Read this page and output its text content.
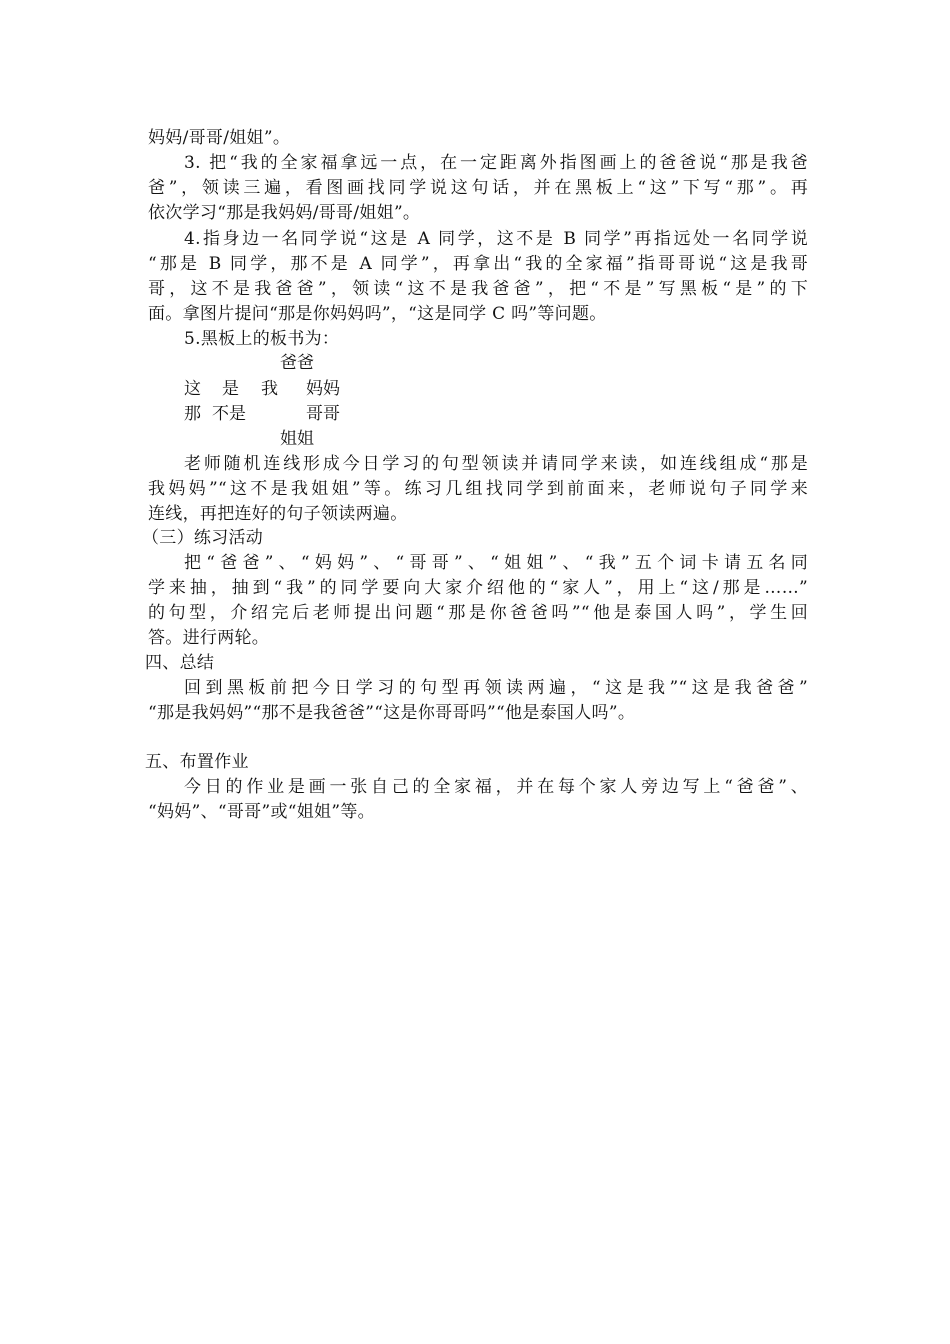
妈妈/哥哥/姐姐”。
3. 把“我的全家福拿远一点，在一定距离外指图画上的爸爸说“那是我爸
爸”，领读三遍，看图画找同学说这句话，并在黑板上“这”下写“那”。再
依次学习“那是我妈妈/哥哥/姐姐”。
4.指身边一名同学说“这是 A 同学，这不是 B 同学”再指远处一名同学说
“那是 B 同学，那不是 A 同学”，再拿出“我的全家福”指哥哥说“这是我哥
哥，这不是我爸爸”，领读“这不是我爸爸”，把“不是”写黑板“是”的下
面。拿图片提问“那是你妈妈吗”，“这是同学 C 吗”等问题。
5.黑板上的板书为：
爸爸
这 是 我 妈妈
那 不是	哥哥
姐姐
老师随机连线形成今日学习的句型领读并请同学来读，如连线组成“那是
我妈妈”“这不是我姐姐”等。练习几组找同学到前面来，老师说句子同学来
连线，再把连好的句子领读两遍。
（三）练习活动
把“爸爸”、“妈妈”、“哥哥”、“姐姐”、“我”五个词卡请五名同
学来抽，抽到“我”的同学要向大家介绍他的“家人”，用上“这/那是……”
的句型，介绍完后老师提出问题“那是你爸爸吗”“他是泰国人吗”，学生回
答。进行两轮。
四、总结
回到黑板前把今日学习的句型再领读两遍，“这是我”“这是我爸爸”
“那是我妈妈”“那不是我爸爸”“这是你哥哥吗”“他是泰国人吗”。
五、布置作业
今日的作业是画一张自己的全家福，并在每个家人旁边写上“爸爸”、
“妈妈”、“哥哥”或“姐姐”等。
